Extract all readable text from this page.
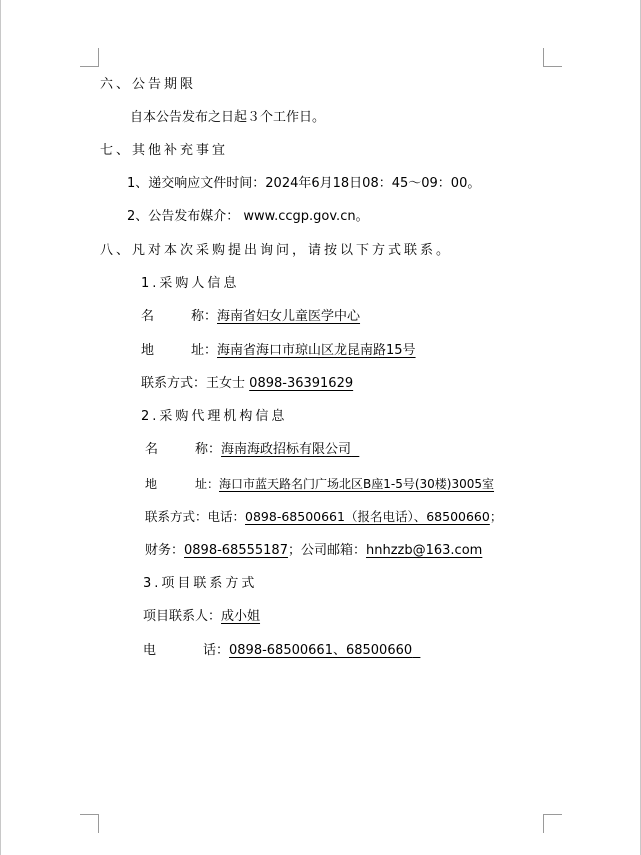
六、公告期限
自本公告发布之日起３个工作日。
七、其他补充事宜
1、递交响应文件时间：2024年6月18日08：45～09：00。
2、公告发布媒介： www.ccgp.gov.cn。
八、凡对本次采购提出询问，请按以下方式联系。
1.采购人信息
名	称：海南省妇女儿童医学中心
地	址：海南省海口市琼山区龙昆南路15号
联系方式：王女士 0898-36391629
2.采购代理机构信息
名	称：海南海政招标有限公司
地	址：海口市蓝天路名门广场北区B座1-5号(30楼)3005室
联系方式：电话：0898-68500661（报名电话）、68500660；
财务：0898-68555187；公司邮箱：hnhzzb@163.com
3.项目联系方式
项目联系人：成小姐
电	话：0898-68500661、68500660
